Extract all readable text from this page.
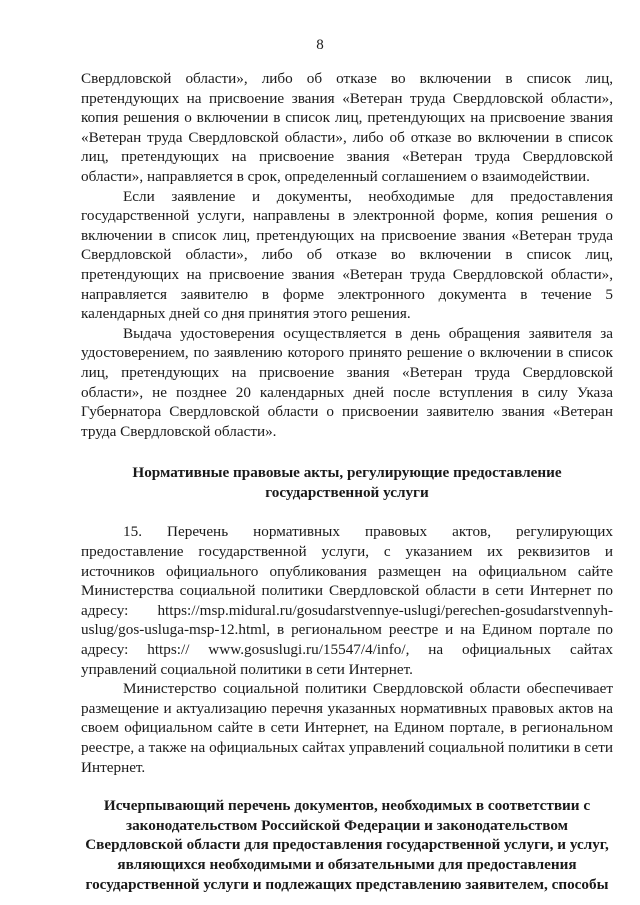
8

Свердловской области», либо об отказе во включении в список лиц, претендующих на присвоение звания «Ветеран труда Свердловской области», копия решения о включении в список лиц, претендующих на присвоение звания «Ветеран труда Свердловской области», либо об отказе во включении в список лиц, претендующих на присвоение звания «Ветеран труда Свердловской области», направляется в срок, определенный соглашением о взаимодействии.

Если заявление и документы, необходимые для предоставления государственной услуги, направлены в электронной форме, копия решения о включении в список лиц, претендующих на присвоение звания «Ветеран труда Свердловской области», либо об отказе во включении в список лиц, претендующих на присвоение звания «Ветеран труда Свердловской области», направляется заявителю в форме электронного документа в течение 5 календарных дней со дня принятия этого решения.

Выдача удостоверения осуществляется в день обращения заявителя за удостоверением, по заявлению которого принято решение о включении в список лиц, претендующих на присвоение звания «Ветеран труда Свердловской области», не позднее 20 календарных дней после вступления в силу Указа Губернатора Свердловской области о присвоении заявителю звания «Ветеран труда Свердловской области».

Нормативные правовые акты, регулирующие предоставление государственной услуги

15. Перечень нормативных правовых актов, регулирующих предоставление государственной услуги, с указанием их реквизитов и источников официального опубликования размещен на официальном сайте Министерства социальной политики Свердловской области в сети Интернет по адресу: https://msp.midural.ru/gosudarstvennye-uslugi/perechen-gosudarstvennyh-uslug/gos-usluga-msp-12.html, в региональном реестре и на Едином портале по адресу: https:// www.gosuslugi.ru/15547/4/info/, на официальных сайтах управлений социальной политики в сети Интернет.

Министерство социальной политики Свердловской области обеспечивает размещение и актуализацию перечня указанных нормативных правовых актов на своем официальном сайте в сети Интернет, на Едином портале, в региональном реестре, а также на официальных сайтах управлений социальной политики в сети Интернет.

Исчерпывающий перечень документов, необходимых в соответствии с законодательством Российской Федерации и законодательством Свердловской области для предоставления государственной услуги, и услуг, являющихся необходимыми и обязательными для предоставления государственной услуги и подлежащих представлению заявителем, способы
